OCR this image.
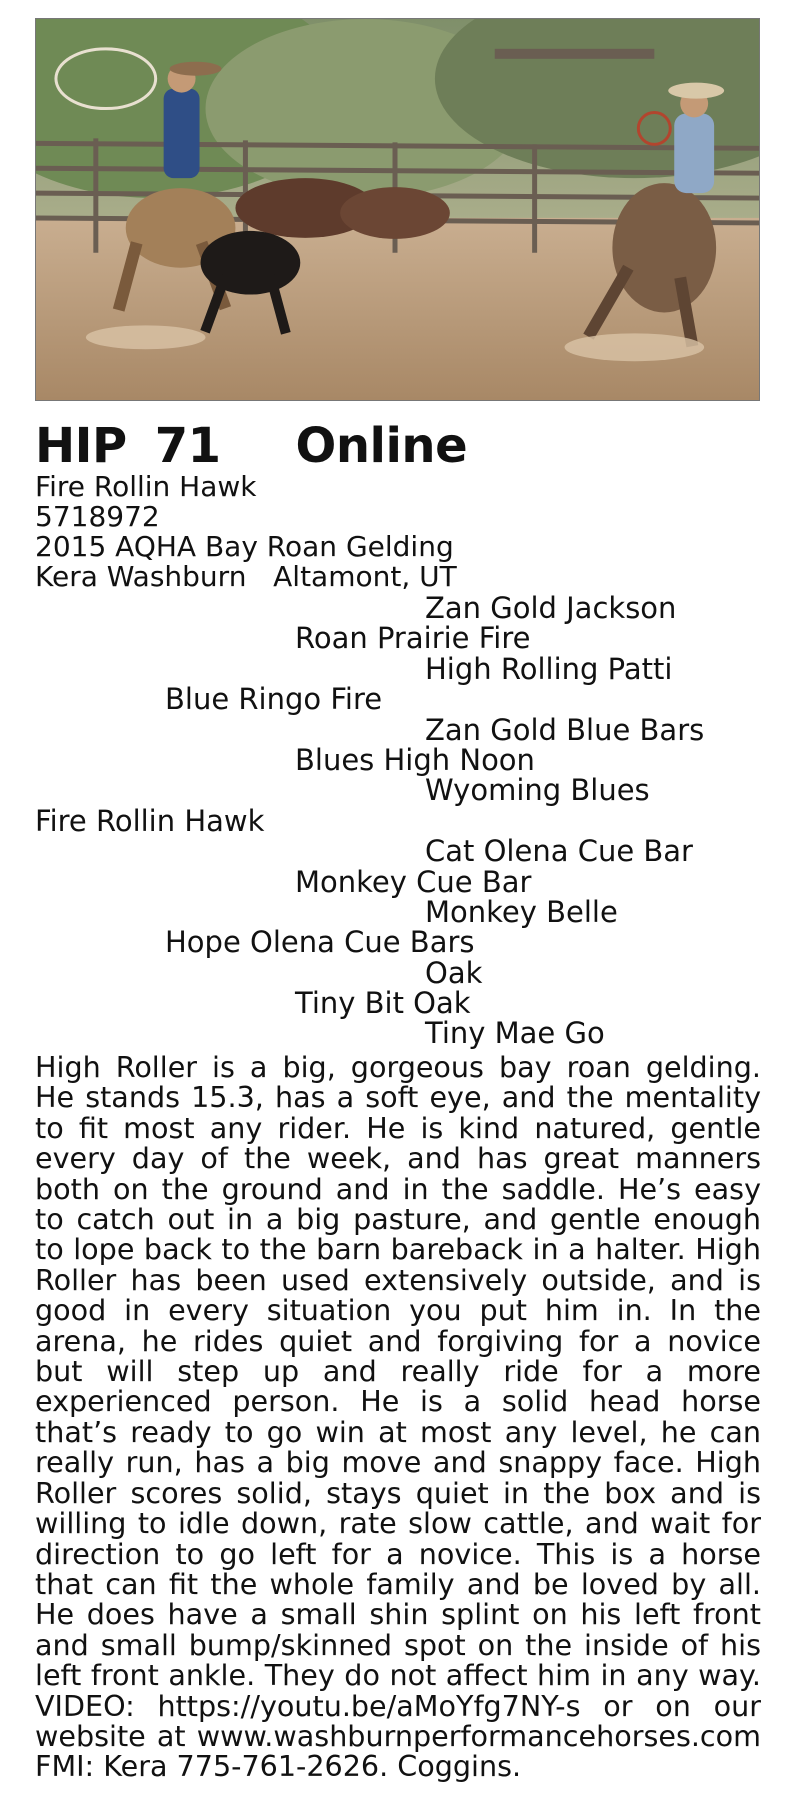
HIP 71 Online
Fire Rollin Hawk
5718972
2015 AQHA Bay Roan Gelding
Kera Washburn   Altamont, UT
Zan Gold Jackson
Roan Prairie Fire
High Rolling Patti
Blue Ringo Fire
Zan Gold Blue Bars
Blues High Noon
Wyoming Blues
Fire Rollin Hawk
Cat Olena Cue Bar
Monkey Cue Bar
Monkey Belle
Hope Olena Cue Bars
Oak
Tiny Bit Oak
Tiny Mae Go
High Roller is a big, gorgeous bay roan gelding. He stands 15.3, has a soft eye, and the mentality to fit most any rider. He is kind natured, gentle every day of the week, and has great manners both on the ground and in the saddle. He’s easy to catch out in a big pasture, and gentle enough to lope back to the barn bareback in a halter. High Roller has been used extensively outside, and is good in every situation you put him in. In the arena, he rides quiet and forgiving for a novice but will step up and really ride for a more experienced person. He is a solid head horse that’s ready to go win at most any level, he can really run, has a big move and snappy face. High Roller scores solid, stays quiet in the box and is willing to idle down, rate slow cattle, and wait for direction to go left for a novice. This is a horse that can fit the whole family and be loved by all. He does have a small shin splint on his left front and small bump/skinned spot on the inside of his left front ankle. They do not affect him in any way. VIDEO: https://youtu.be/aMoYfg7NY-s or on our website at www.washburnperformancehorses.com FMI: Kera 775-761-2626. Coggins.
